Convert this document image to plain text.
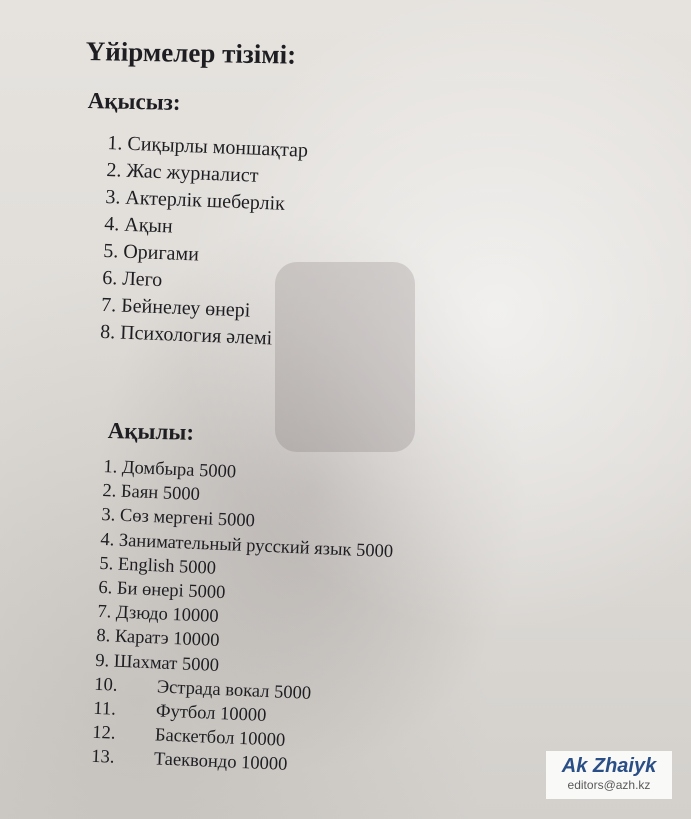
Үйірмелер тізімі:
Ақысыз:
1. Сиқырлы моншақтар
2. Жас журналист
3. Актерлік шеберлік
4. Ақын
5. Оригами
6. Лего
7. Бейнелеу өнері
8. Психология әлемі
Ақылы:
1. Домбыра 5000
2. Баян 5000
3. Сөз мергені 5000
4. Занимательный русский язык 5000
5. English 5000
6. Би өнері 5000
7. Дзюдо 10000
8. Каратэ 10000
9. Шахмат 5000
10. Эстрада вокал 5000
11. Футбол 10000
12. Баскетбол 10000
13. Таеквондо 10000	Ak Zhaiyk
editors@azh.kz
